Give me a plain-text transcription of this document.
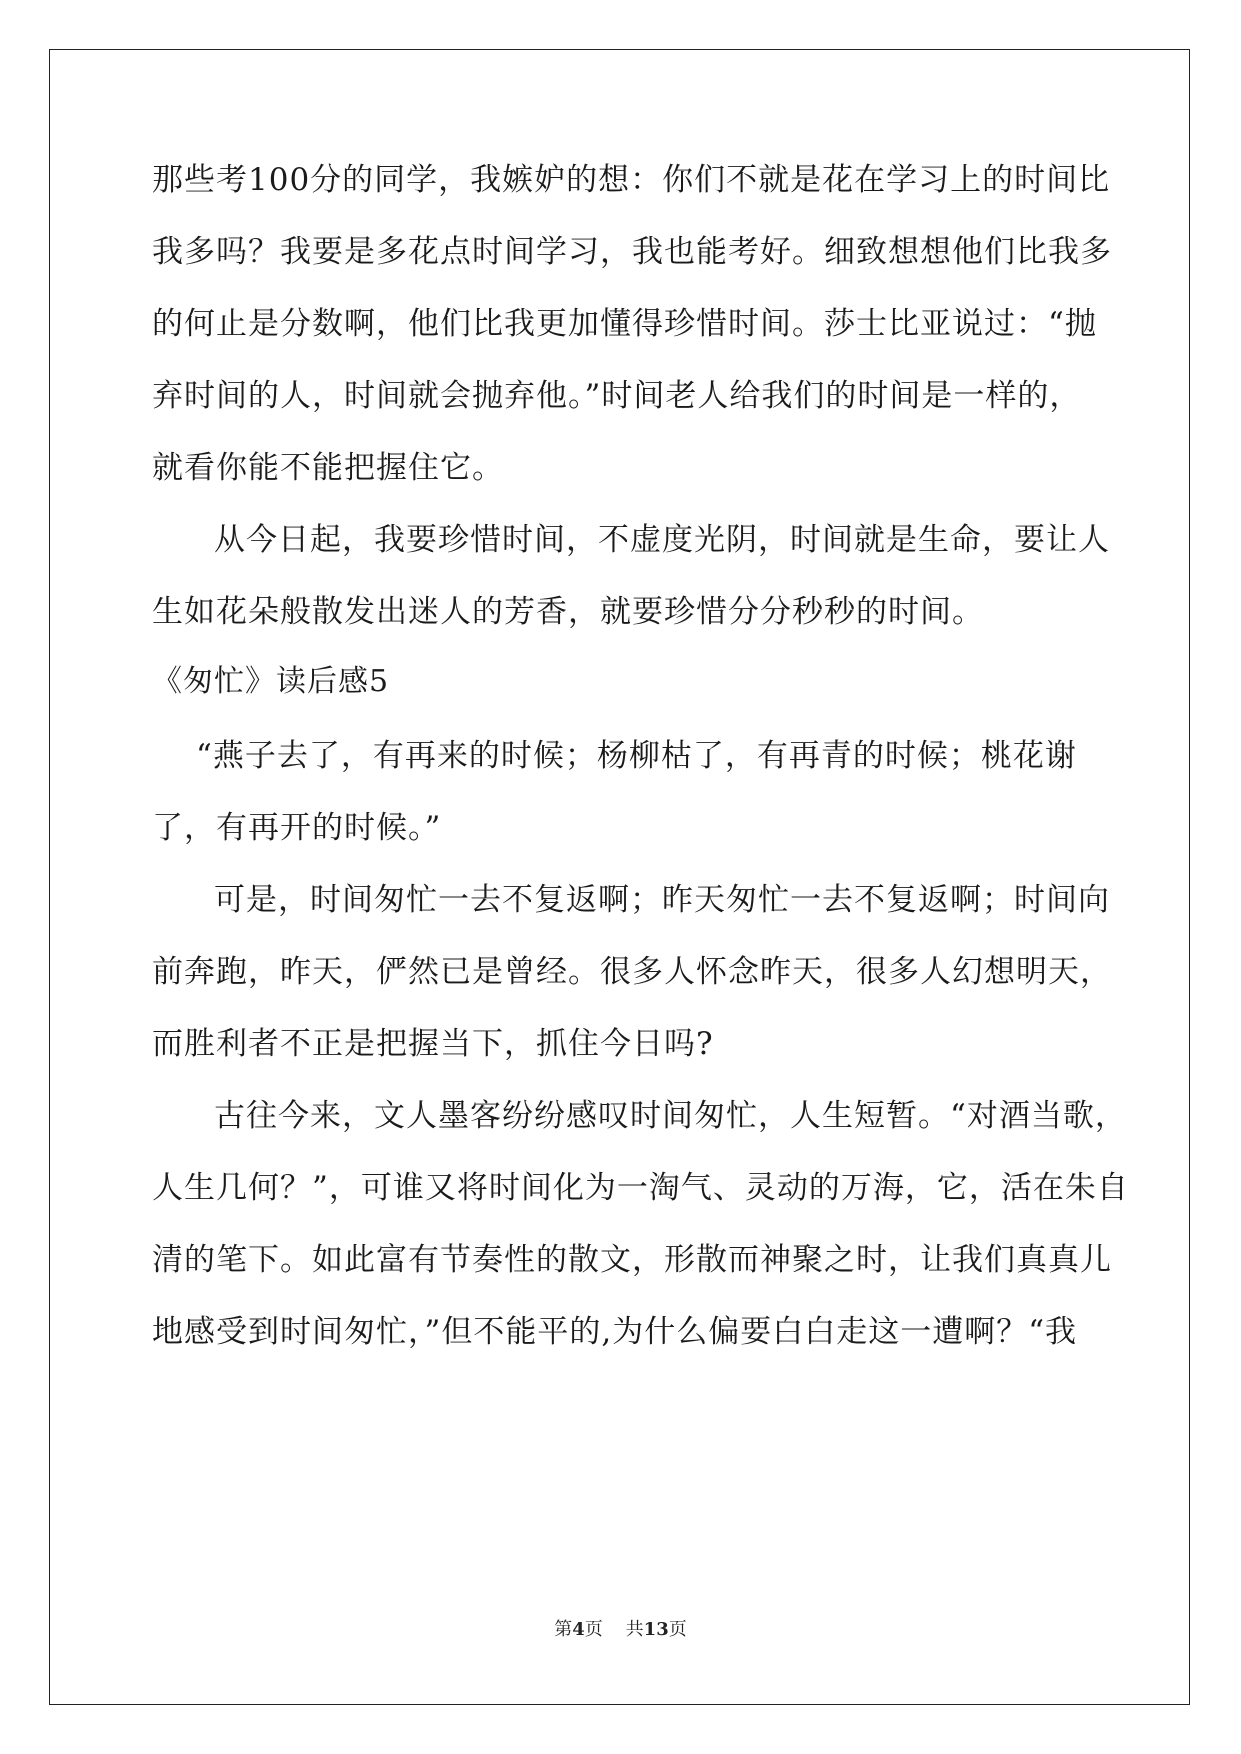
那些考100分的同学，我嫉妒的想：你们不就是花在学习上的时间比
我多吗？我要是多花点时间学习，我也能考好。细致想想他们比我多
的何止是分数啊，他们比我更加懂得珍惜时间。莎士比亚说过：“抛
弃时间的人，时间就会抛弃他。”时间老人给我们的时间是一样的，
就看你能不能把握住它。
从今日起，我要珍惜时间，不虚度光阴，时间就是生命，要让人
生如花朵般散发出迷人的芳香，就要珍惜分分秒秒的时间。
《匆忙》读后感5
“燕子去了，有再来的时候；杨柳枯了，有再青的时候；桃花谢
了，有再开的时候。”
可是，时间匆忙一去不复返啊；昨天匆忙一去不复返啊；时间向
前奔跑，昨天，俨然已是曾经。很多人怀念昨天，很多人幻想明天，
而胜利者不正是把握当下，抓住今日吗?
古往今来，文人墨客纷纷感叹时间匆忙，人生短暂。“对酒当歌，
人生几何？”，可谁又将时间化为一淘气、灵动的万海，它，活在朱自
清的笔下。如此富有节奏性的散文，形散而神聚之时，让我们真真儿
地感受到时间匆忙，”但不能平的,为什么偏要白白走这一遭啊？“我
第4页 共13页
